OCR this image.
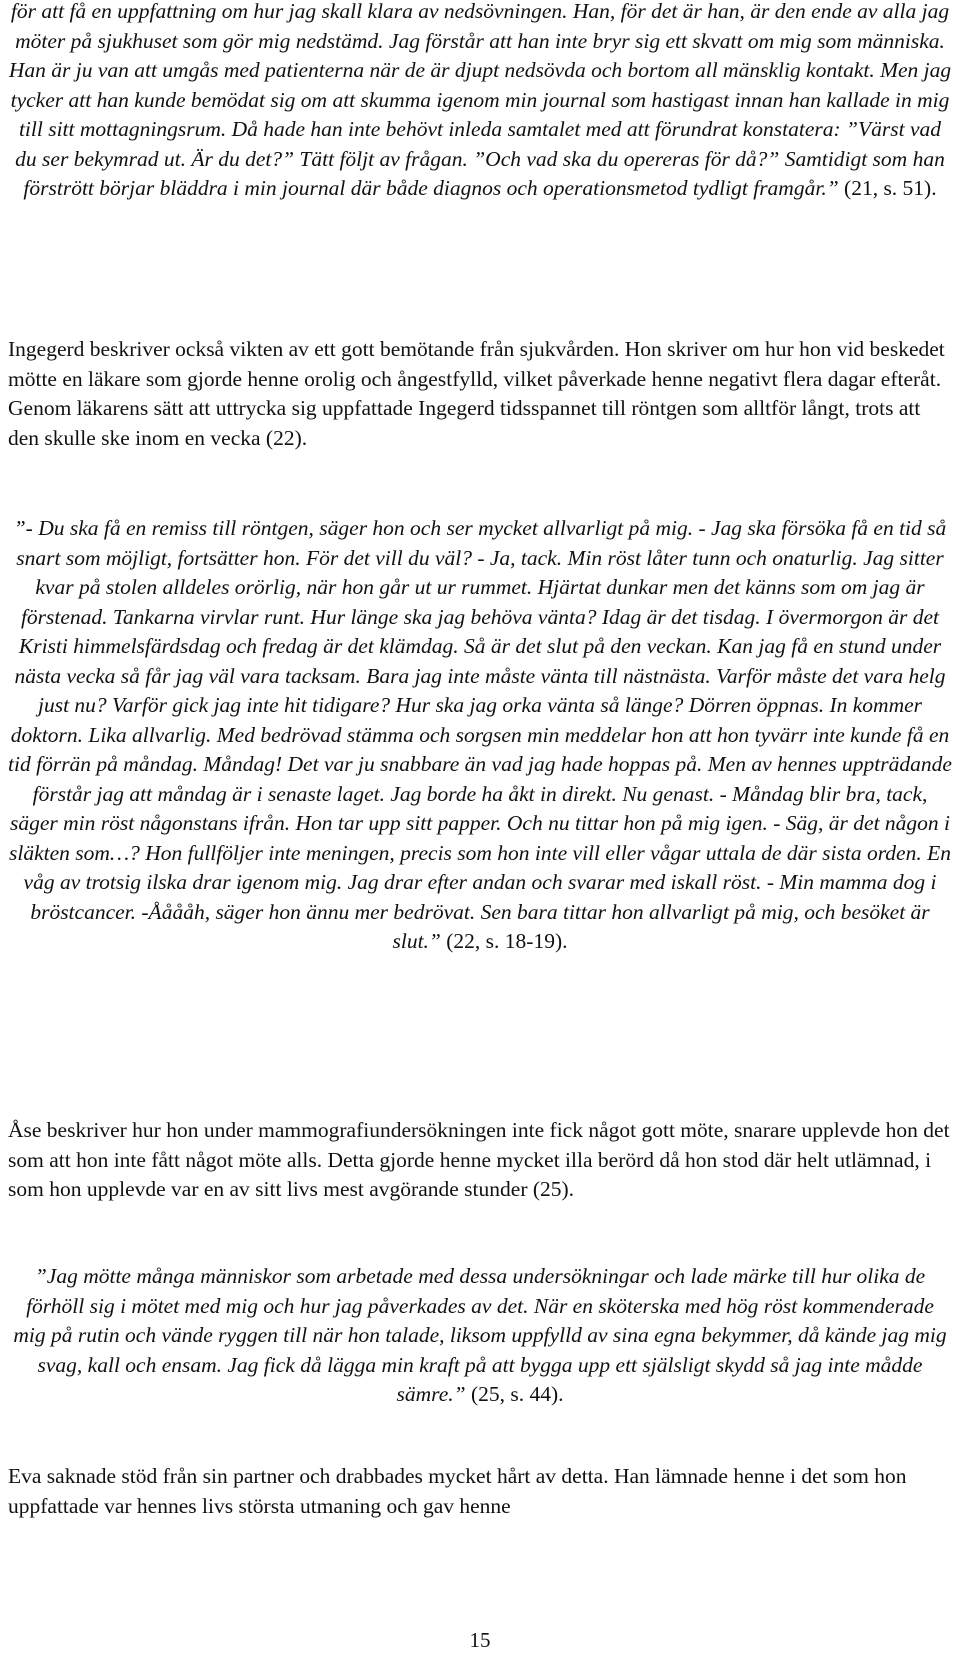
för att få en uppfattning om hur jag skall klara av nedsövningen. Han, för det är han, är den ende av alla jag möter på sjukhuset som gör mig nedstämd. Jag förstår att han inte bryr sig ett skvatt om mig som människa. Han är ju van att umgås med patienterna när de är djupt nedsövda och bortom all mänsklig kontakt. Men jag tycker att han kunde bemödat sig om att skumma igenom min journal som hastigast innan han kallade in mig till sitt mottagningsrum. Då hade han inte behövt inleda samtalet med att förundrat konstatera: ”Värst vad du ser bekymrad ut. Är du det?” Tätt följt av frågan. ”Och vad ska du opereras för då?” Samtidigt som han förstrött börjar bläddra i min journal där både diagnos och operationsmetod tydligt framgår.” (21, s. 51).

Ingegerd beskriver också vikten av ett gott bemötande från sjukvården. Hon skriver om hur hon vid beskedet mötte en läkare som gjorde henne orolig och ångestfylld, vilket påverkade henne negativt flera dagar efteråt. Genom läkarens sätt att uttrycka sig uppfattade Ingegerd tidsspannet till röntgen som alltför långt, trots att den skulle ske inom en vecka (22).

”- Du ska få en remiss till röntgen, säger hon och ser mycket allvarligt på mig. - Jag ska försöka få en tid så snart som möjligt, fortsätter hon. För det vill du väl? - Ja, tack. Min röst låter tunn och onaturlig. Jag sitter kvar på stolen alldeles orörlig, när hon går ut ur rummet. Hjärtat dunkar men det känns som om jag är förstenad. Tankarna virvlar runt. Hur länge ska jag behöva vänta? Idag är det tisdag. I övermorgon är det Kristi himmelsfärdsdag och fredag är det klämdag. Så är det slut på den veckan. Kan jag få en stund under nästa vecka så får jag väl vara tacksam. Bara jag inte måste vänta till nästnästa. Varför måste det vara helg just nu? Varför gick jag inte hit tidigare? Hur ska jag orka vänta så länge? Dörren öppnas. In kommer doktorn. Lika allvarlig. Med bedrövad stämma och sorgsen min meddelar hon att hon tyvärr inte kunde få en tid förrän på måndag. Måndag! Det var ju snabbare än vad jag hade hoppas på. Men av hennes uppträdande förstår jag att måndag är i senaste laget. Jag borde ha åkt in direkt. Nu genast. - Måndag blir bra, tack, säger min röst någonstans ifrån. Hon tar upp sitt papper. Och nu tittar hon på mig igen. - Säg, är det någon i släkten som…? Hon fullföljer inte meningen, precis som hon inte vill eller vågar uttala de där sista orden. En våg av trotsig ilska drar igenom mig. Jag drar efter andan och svarar med iskall röst. - Min mamma dog i bröstcancer. -Ååååh, säger hon ännu mer bedrövat. Sen bara tittar hon allvarligt på mig, och besöket är slut.” (22, s. 18-19).

Åse beskriver hur hon under mammografiundersökningen inte fick något gott möte, snarare upplevde hon det som att hon inte fått något möte alls. Detta gjorde henne mycket illa berörd då hon stod där helt utlämnad, i som hon upplevde var en av sitt livs mest avgörande stunder (25).

”Jag mötte många människor som arbetade med dessa undersökningar och lade märke till hur olika de förhöll sig i mötet med mig och hur jag påverkades av det. När en sköterska med hög röst kommenderade mig på rutin och vände ryggen till när hon talade, liksom uppfylld av sina egna bekymmer, då kände jag mig svag, kall och ensam. Jag fick då lägga min kraft på att bygga upp ett själsligt skydd så jag inte mådde sämre.” (25, s. 44).

Eva saknade stöd från sin partner och drabbades mycket hårt av detta. Han lämnade henne i det som hon uppfattade var hennes livs största utmaning och gav henne

15
